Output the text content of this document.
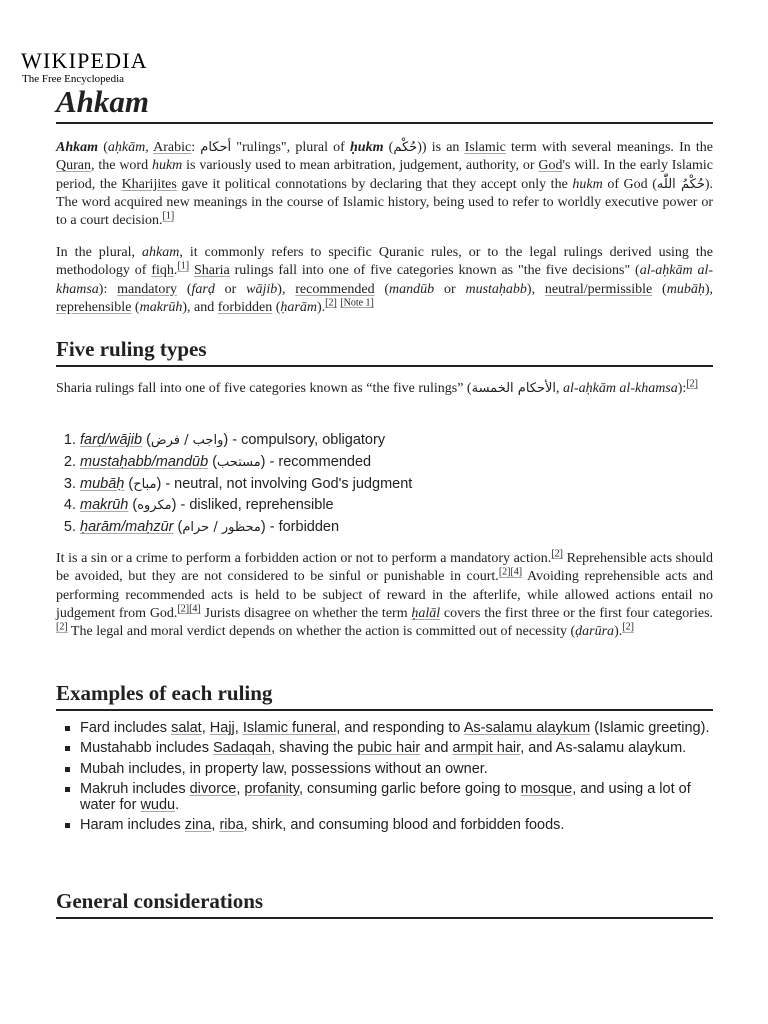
WIKIPEDIA
The Free Encyclopedia
Ahkam

Ahkam (aḥkām, Arabic: أحكام "rulings", plural of ḥukm (حُكْم)) is an Islamic term with several meanings. In the Quran, the word hukm is variously used to mean arbitration, judgement, authority, or God's will. In the early Islamic period, the Kharijites gave it political connotations by declaring that they accept only the hukm of God (حُكْمُ اللّٰه). The word acquired new meanings in the course of Islamic history, being used to refer to worldly executive power or to a court decision.[1]

In the plural, ahkam, it commonly refers to specific Quranic rules, or to the legal rulings derived using the methodology of fiqh.[1] Sharia rulings fall into one of five categories known as "the five decisions" (al-aḥkām al-khamsa): mandatory (farḍ or wājib), recommended (mandūb or mustaḥabb), neutral/permissible (mubāḥ), reprehensible (makrūh), and forbidden (ḥarām).[2] [Note 1]

Five ruling types

Sharia rulings fall into one of five categories known as “the five rulings” (الأحكام الخمسة, al-aḥkām al-khamsa):[2]

1. farḍ/wājib (واجب / فرض) - compulsory, obligatory
2. mustaḥabb/mandūb (مستحب) - recommended
3. mubāḥ (مباح) - neutral, not involving God's judgment
4. makrūh (مكروه) - disliked, reprehensible
5. ḥarām/maḥzūr (محظور / حرام) - forbidden

It is a sin or a crime to perform a forbidden action or not to perform a mandatory action.[2] Reprehensible acts should be avoided, but they are not considered to be sinful or punishable in court.[2][4] Avoiding reprehensible acts and performing recommended acts is held to be subject of reward in the afterlife, while allowed actions entail no judgement from God.[2][4] Jurists disagree on whether the term ḥalāl covers the first three or the first four categories.[2] The legal and moral verdict depends on whether the action is committed out of necessity (ḍarūra).[2]

Examples of each ruling
Fard includes salat, Hajj, Islamic funeral, and responding to As-salamu alaykum (Islamic greeting).
Mustahabb includes Sadaqah, shaving the pubic hair and armpit hair, and As-salamu alaykum.
Mubah includes, in property law, possessions without an owner.
Makruh includes divorce, profanity, consuming garlic before going to mosque, and using a lot of water for wudu.
Haram includes zina, riba, shirk, and consuming blood and forbidden foods.
General considerations
